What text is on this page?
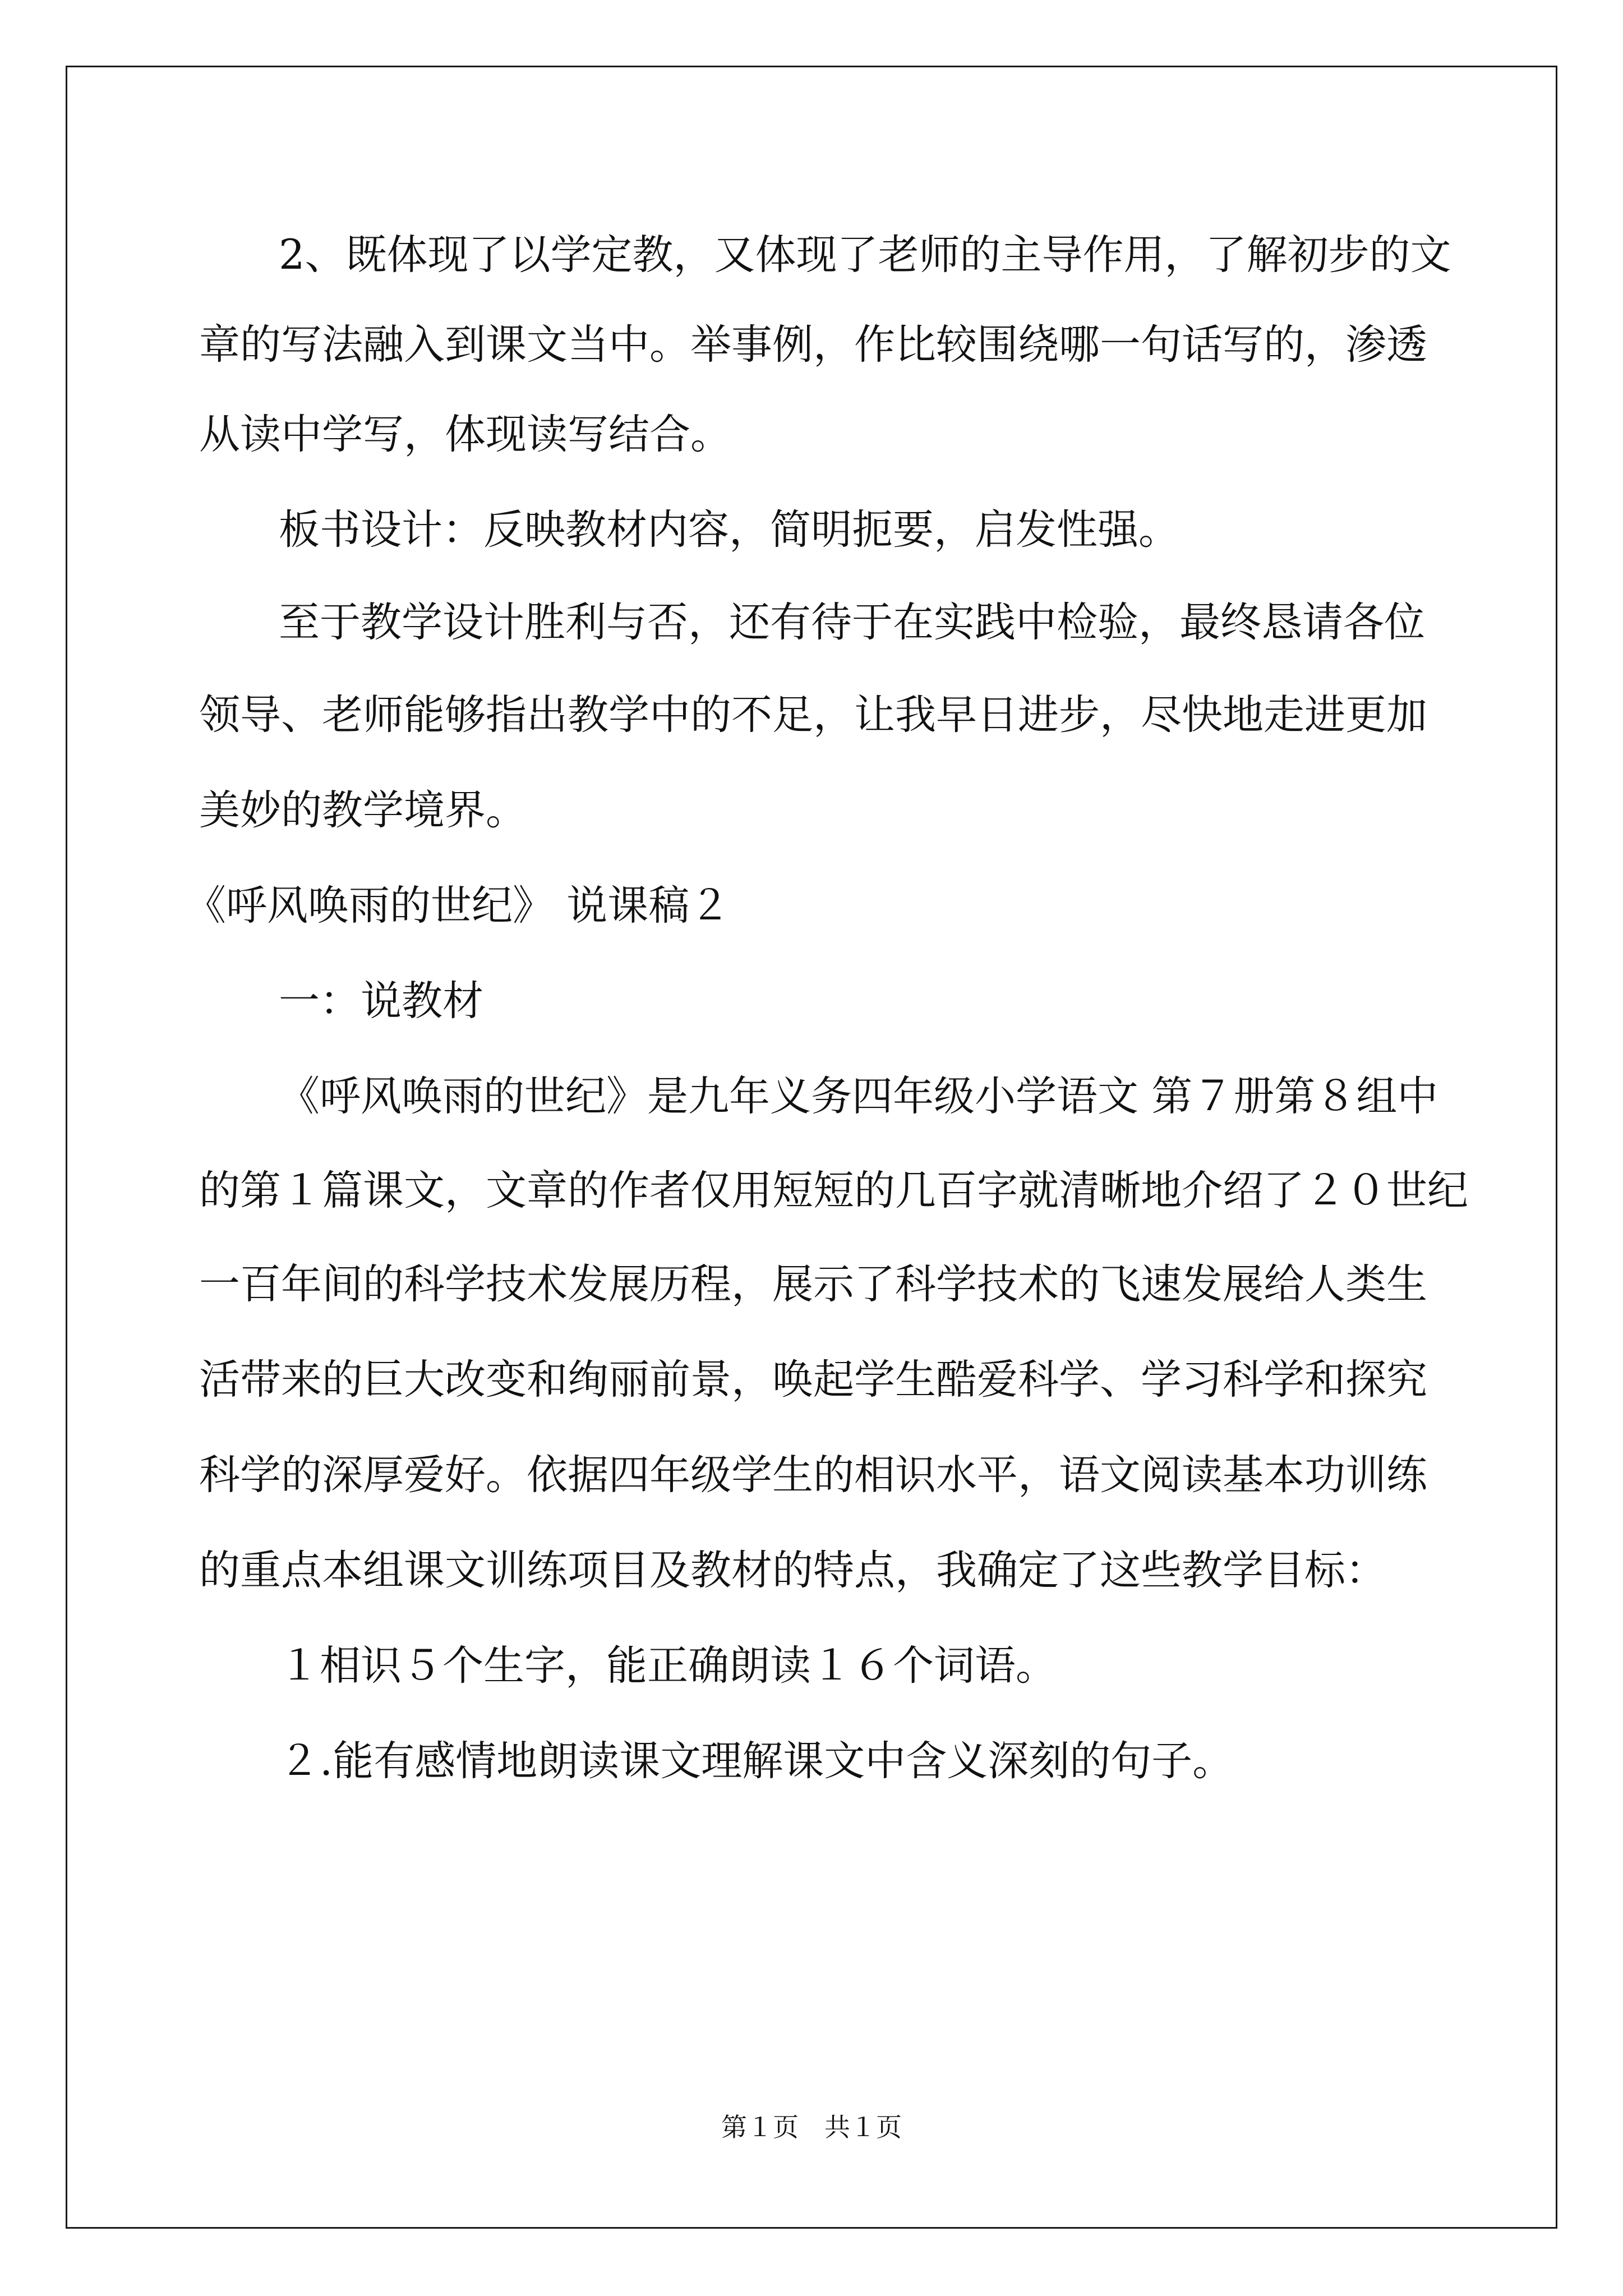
2、既体现了以学定教，又体现了老师的主导作用，了解初步的文
章的写法融入到课文当中。举事例，作比较围绕哪一句话写的，渗透
从读中学写，体现读写结合。
板书设计：反映教材内容，简明扼要，启发性强。
至于教学设计胜利与否，还有待于在实践中检验，最终恳请各位
领导、老师能够指出教学中的不足，让我早日进步，尽快地走进更加
美妙的教学境界。
《呼风唤雨的世纪》 说课稿２
一：说教材
《呼风唤雨的世纪》是九年义务四年级小学语文 第７册第８组中
的第１篇课文，文章的作者仅用短短的几百字就清晰地介绍了２０世纪
一百年间的科学技术发展历程，展示了科学技术的飞速发展给人类生
活带来的巨大改变和绚丽前景，唤起学生酷爱科学、学习科学和探究
科学的深厚爱好。依据四年级学生的相识水平，语文阅读基本功训练
的重点本组课文训练项目及教材的特点，我确定了这些教学目标：
１相识５个生字，能正确朗读１６个词语。
２.能有感情地朗读课文理解课文中含义深刻的句子。
第１页　共１页
